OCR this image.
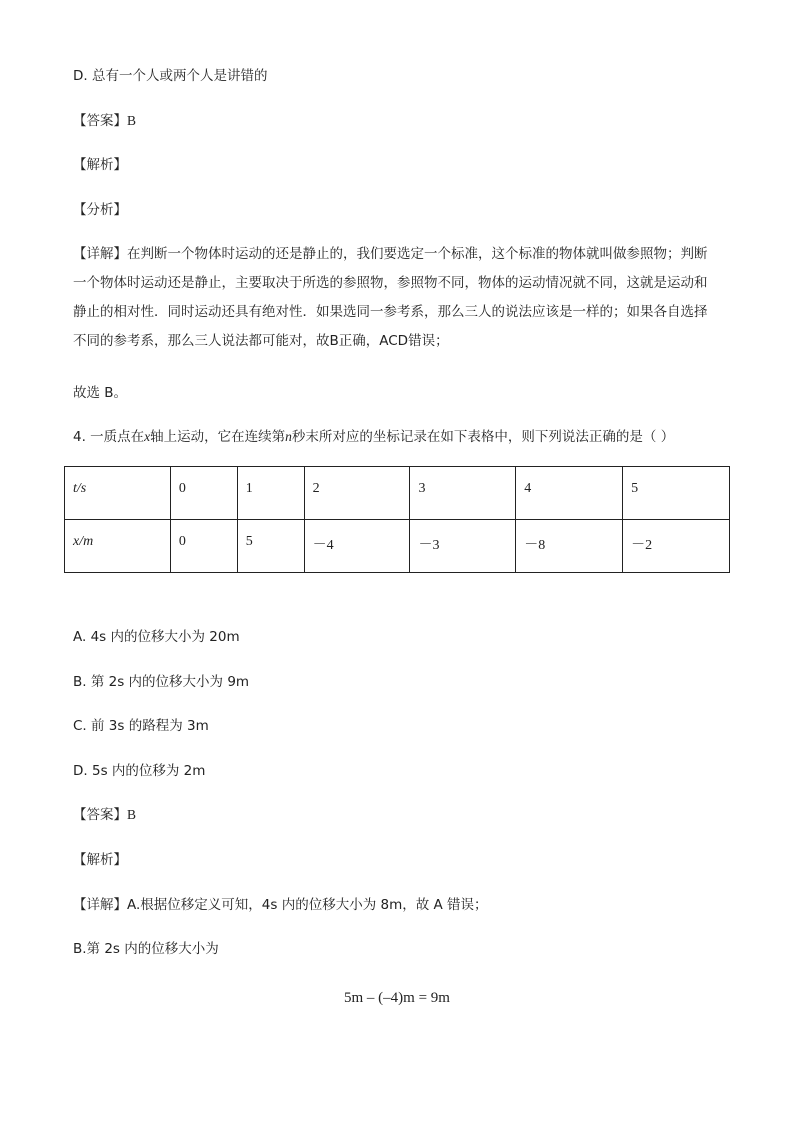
D. 总有一个人或两个人是讲错的
【答案】B
【解析】
【分析】
【详解】在判断一个物体时运动的还是静止的，我们要选定一个标准，这个标准的物体就叫做参照物；判断一个物体时运动还是静止，主要取决于所选的参照物，参照物不同，物体的运动情况就不同，这就是运动和静止的相对性．同时运动还具有绝对性．如果选同一参考系，那么三人的说法应该是一样的；如果各自选择不同的参考系，那么三人说法都可能对，故B正确，ACD错误；
故选 B。
4. 一质点在x轴上运动，它在连续第n秒末所对应的坐标记录在如下表格中，则下列说法正确的是（ ）
t/s	0	1	2	3	4	5
x/m	0	5	－4	－3	－8	－2
A. 4s 内的位移大小为 20m
B. 第 2s 内的位移大小为 9m
C. 前 3s 的路程为 3m
D. 5s 内的位移为 2m
【答案】B
【解析】
【详解】A.根据位移定义可知，4s 内的位移大小为 8m，故 A 错误；
B.第 2s 内的位移大小为
5m – (–4)m = 9m
